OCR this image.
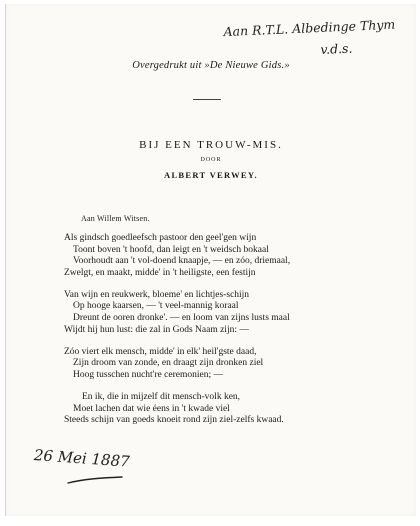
Aan R.T.L. Albedinge Thym
v.d.s.
Overgedrukt uit »De Nieuwe Gids.»
BIJ EEN TROUW-MIS.
DOOR
ALBERT VERWEY.
Aan Willem Witsen.
Als gindsch goedleefsch pastoor den geel'gen wijn
Toont boven 't hoofd, dan leigt en 't weidsch bokaal
Voorhoudt aan 't vol-doend knaapje, — en zóo, driemaal,
Zwelgt, en maakt, midde' in 't heiligste, een festijn
Van wijn en reukwerk, bloeme' en lichtjes-schijn
Op hooge kaarsen, — 't veel-mannig koraal
Dreunt de ooren dronke'. — en loom van zijns lusts maal
Wijdt hij hun lust: die zal in Gods Naam zijn: —
Zóo viert elk mensch, midde' in elk' heil'gste daad,
Zijn droom van zonde, en draagt zijn dronken ziel
Hoog tusschen nucht're ceremonien; —
En ik, die in mijzelf dit mensch-volk ken,
Moet lachen dat wie éens in 't kwade viel
Steeds schijn van goeds knoeit rond zijn ziel-zelfs kwaad.
26 Mei 1887
